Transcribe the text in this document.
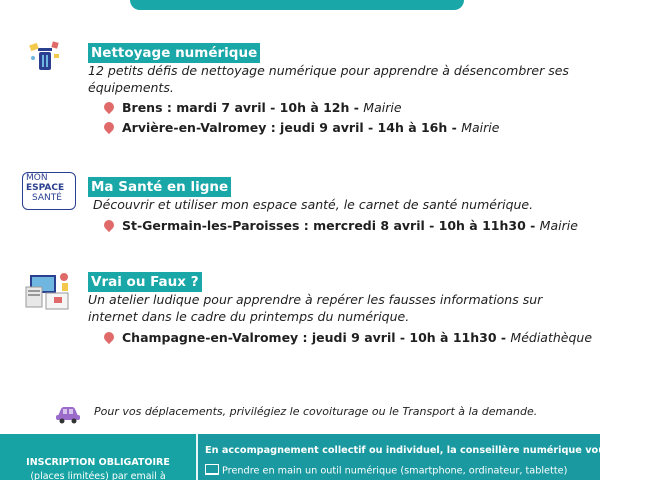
Nettoyage numérique
12 petits défis de nettoyage numérique pour apprendre à désencombrer ses équipements.
Brens : mardi 7 avril - 10h à 12h - Mairie
Arvière-en-Valromey : jeudi 9 avril - 14h à 16h - Mairie
MON
ESPACE
SANTÉ
Ma Santé en ligne
Découvrir et utiliser mon espace santé, le carnet de santé numérique.
St-Germain-les-Paroisses : mercredi 8 avril - 10h à 11h30 - Mairie
Vrai ou Faux ?
Un atelier ludique pour apprendre à repérer les fausses informations sur internet dans le cadre du printemps du numérique.
Champagne-en-Valromey : jeudi 9 avril - 10h à 11h30 - Médiathèque
Pour vos déplacements, privilégiez le covoiturage ou le Transport à la demande.
INSCRIPTION OBLIGATOIRE
(places limitées) par email à
En accompagnement collectif ou individuel, la conseillère numérique vous aide :
Prendre en main un outil numérique (smartphone, ordinateur, tablette)
